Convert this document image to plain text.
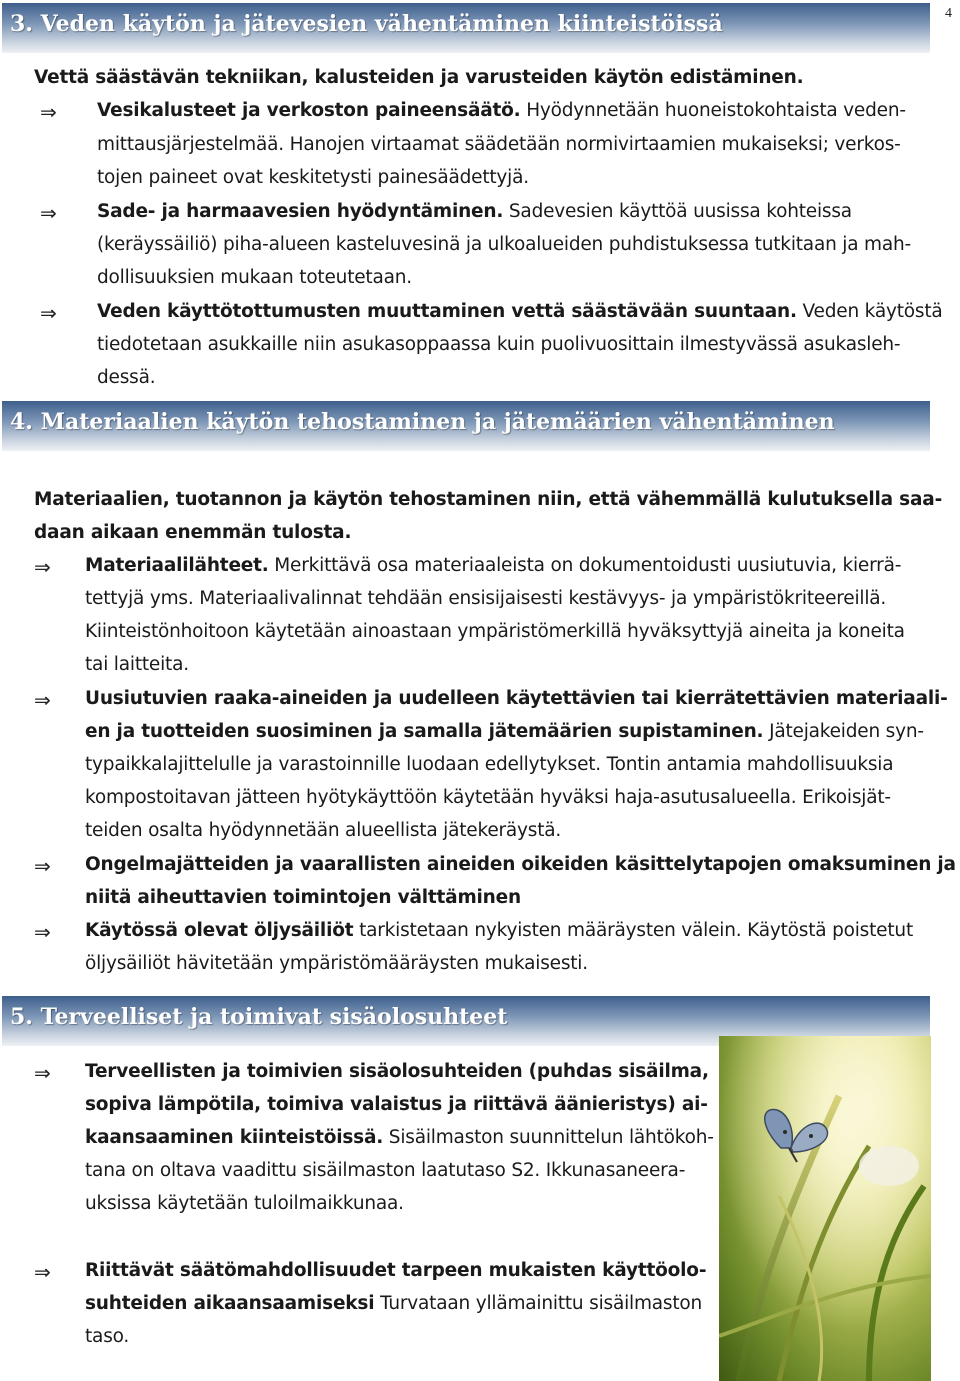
4
3. Veden käytön ja jätevesien vähentäminen kiinteistöissä
Vettä säästävän tekniikan, kalusteiden ja varusteiden käytön edistäminen.
⇒ Vesikalusteet ja verkoston paineensäätö. Hyödynnetään huoneistokohtaista veden-
mittausjärjestelmää. Hanojen virtaamat säädetään normivirtaamien mukaiseksi; verkos-
tojen paineet ovat keskitetysti painesäädettyjä.
⇒ Sade- ja harmaavesien hyödyntäminen. Sadevesien käyttöä uusissa kohteissa
(keräyssäiliö) piha-alueen kasteluvesinä ja ulkoalueiden puhdistuksessa tutkitaan ja mah-
dollisuuksien mukaan toteutetaan.
⇒ Veden käyttötottumusten muuttaminen vettä säästävään suuntaan. Veden käytöstä
tiedotetaan asukkaille niin asukasoppaassa kuin puolivuosittain ilmestyvässä asukasleh-
dessä.
4. Materiaalien käytön tehostaminen ja jätemäärien vähentäminen
Materiaalien, tuotannon ja käytön tehostaminen niin, että vähemmällä kulutuksella saa-
daan aikaan enemmän tulosta.
⇒ Materiaalilähteet. Merkittävä osa materiaaleista on dokumentoidusti uusiutuvia, kierrä-
tettyjä yms. Materiaalivalinnat tehdään ensisijaisesti kestävyys- ja ympäristökriteereillä.
Kiinteistönhoitoon käytetään ainoastaan ympäristömerkillä hyväksyttyjä aineita ja koneita
tai laitteita.
⇒ Uusiutuvien raaka-aineiden ja uudelleen käytettävien tai kierrätettävien materiaali-
en ja tuotteiden suosiminen ja samalla jätemäärien supistaminen. Jätejakeiden syn-
typaikkalajittelulle ja varastoinnille luodaan edellytykset. Tontin antamia mahdollisuuksia
kompostoitavan jätteen hyötykäyttöön käytetään hyväksi haja-asutusalueella. Erikoisjät-
teiden osalta hyödynnetään alueellista jätekeräystä.
⇒ Ongelmajätteiden ja vaarallisten aineiden oikeiden käsittelytapojen omaksuminen ja
niitä aiheuttavien toimintojen välttäminen
⇒ Käytössä olevat öljysäiliöt tarkistetaan nykyisten määräysten välein. Käytöstä poistetut
öljysäiliöt hävitetään ympäristömääräysten mukaisesti.
5. Terveelliset ja toimivat sisäolosuhteet
⇒ Terveellisten ja toimivien sisäolosuhteiden (puhdas sisäilma,
sopiva lämpötila, toimiva valaistus ja riittävä äänieristys) ai-
kaansaaminen kiinteistöissä. Sisäilmaston suunnittelun lähtökoh-
tana on oltava vaadittu sisäilmaston laatutaso S2. Ikkunasaneera-
uksissa käytetään tuloilmaikkunaa.
⇒ Riittävät säätömahdollisuudet tarpeen mukaisten käyttöolo-
suhteiden aikaansaamiseksi Turvataan yllämainittu sisäilmaston
taso.
